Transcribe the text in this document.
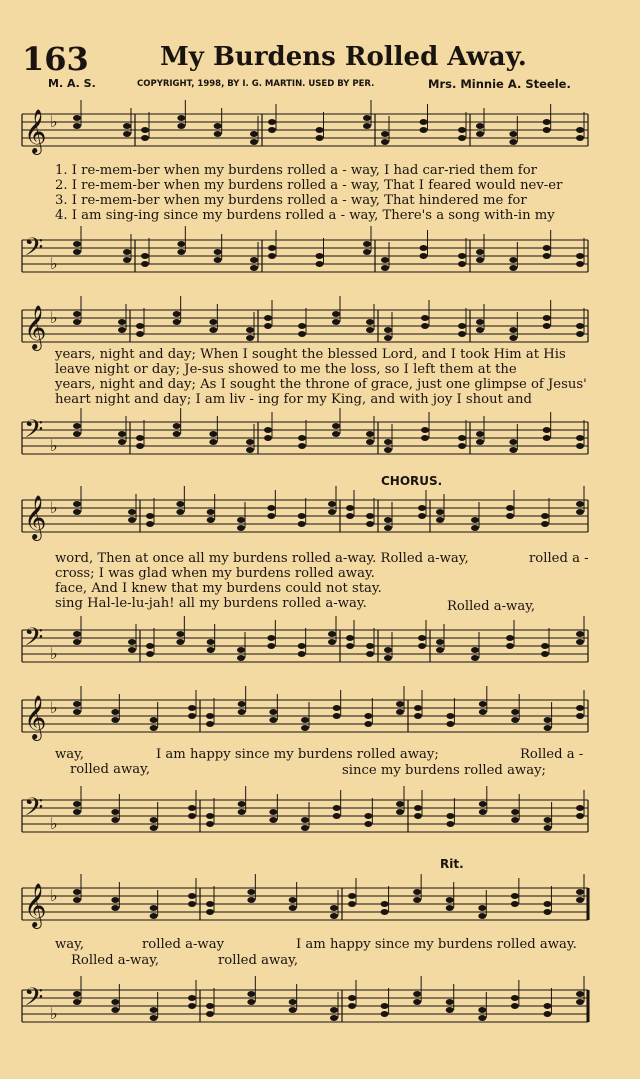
163	My Burdens Rolled Away.
M. A. S.	COPYRIGHT, 1998, BY I. G. MARTIN. USED BY PER.	Mrs. Minnie A. Steele.
𝄞 ♭
1. I re-mem-ber when my burdens rolled a - way, I had car-ried them for
2. I re-mem-ber when my burdens rolled a - way, That I feared would nev-er
3. I re-mem-ber when my burdens rolled a - way, That hindered me for
4. I am sing-ing since my burdens rolled a - way, There's a song with-in my
𝄢 ♭
𝄞 ♭
years, night and day; When I sought the blessed Lord, and I took Him at His
leave night or day; Je-sus showed to me the loss, so I left them at the
years, night and day; As I sought the throne of grace, just one glimpse of Jesus'
heart night and day; I am liv - ing for my King, and with joy I shout and
𝄢 ♭
CHORUS.
𝄞 ♭
word, Then at once all my burdens rolled a-way. Rolled a-way,
cross; I was glad when my burdens rolled away.
face, And I knew that my burdens could not stay.
sing Hal-le-lu-jah! all my burdens rolled a-way.
rolled a -
Rolled a-way,
𝄢 ♭
𝄞 ♭
way,
rolled away,
I am happy since my burdens rolled away;
since my burdens rolled away;
Rolled a -
𝄢 ♭
Rit.
𝄞 ♭
way,	rolled a-way	I am happy since my burdens rolled away.
Rolled a-way,	rolled away,
𝄢 ♭
